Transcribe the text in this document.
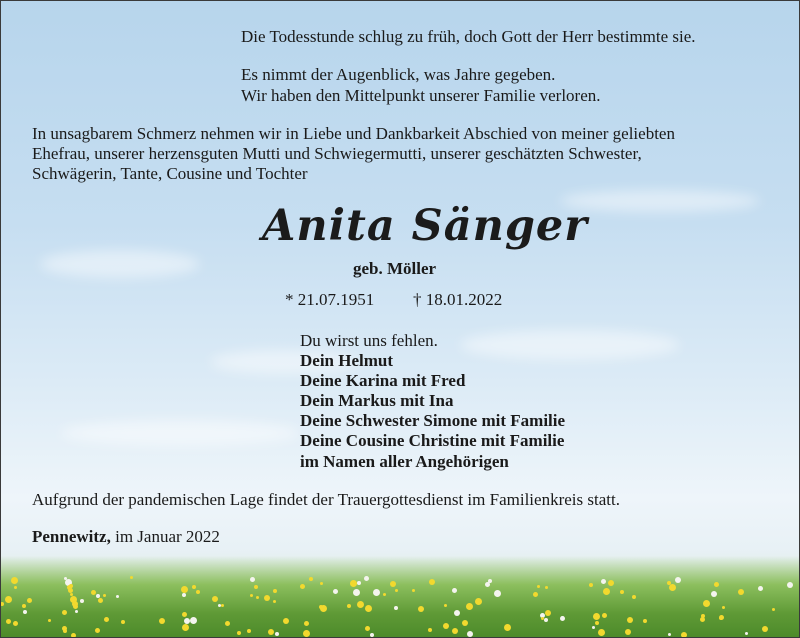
Die Todesstunde schlug zu früh, doch Gott der Herr bestimmte sie.

Es nimmt der Augenblick, was Jahre gegeben.

Wir haben den Mittelpunkt unserer Familie verloren.

In unsagbarem Schmerz nehmen wir in Liebe und Dankbarkeit Abschied von meiner geliebten

Ehefrau, unserer herzensguten Mutti und Schwiegermutti, unserer geschätzten Schwester,

Schwägerin, Tante, Cousine und Tochter

Anita Sänger

geb. Möller

* 21.07.1951 † 18.01.2022

Du wirst uns fehlen.

Dein Helmut

Deine Karina mit Fred

Dein Markus mit Ina

Deine Schwester Simone mit Familie

Deine Cousine Christine mit Familie

im Namen aller Angehörigen

Aufgrund der pandemischen Lage findet der Trauergottesdienst im Familienkreis statt.

Pennewitz, im Januar 2022
